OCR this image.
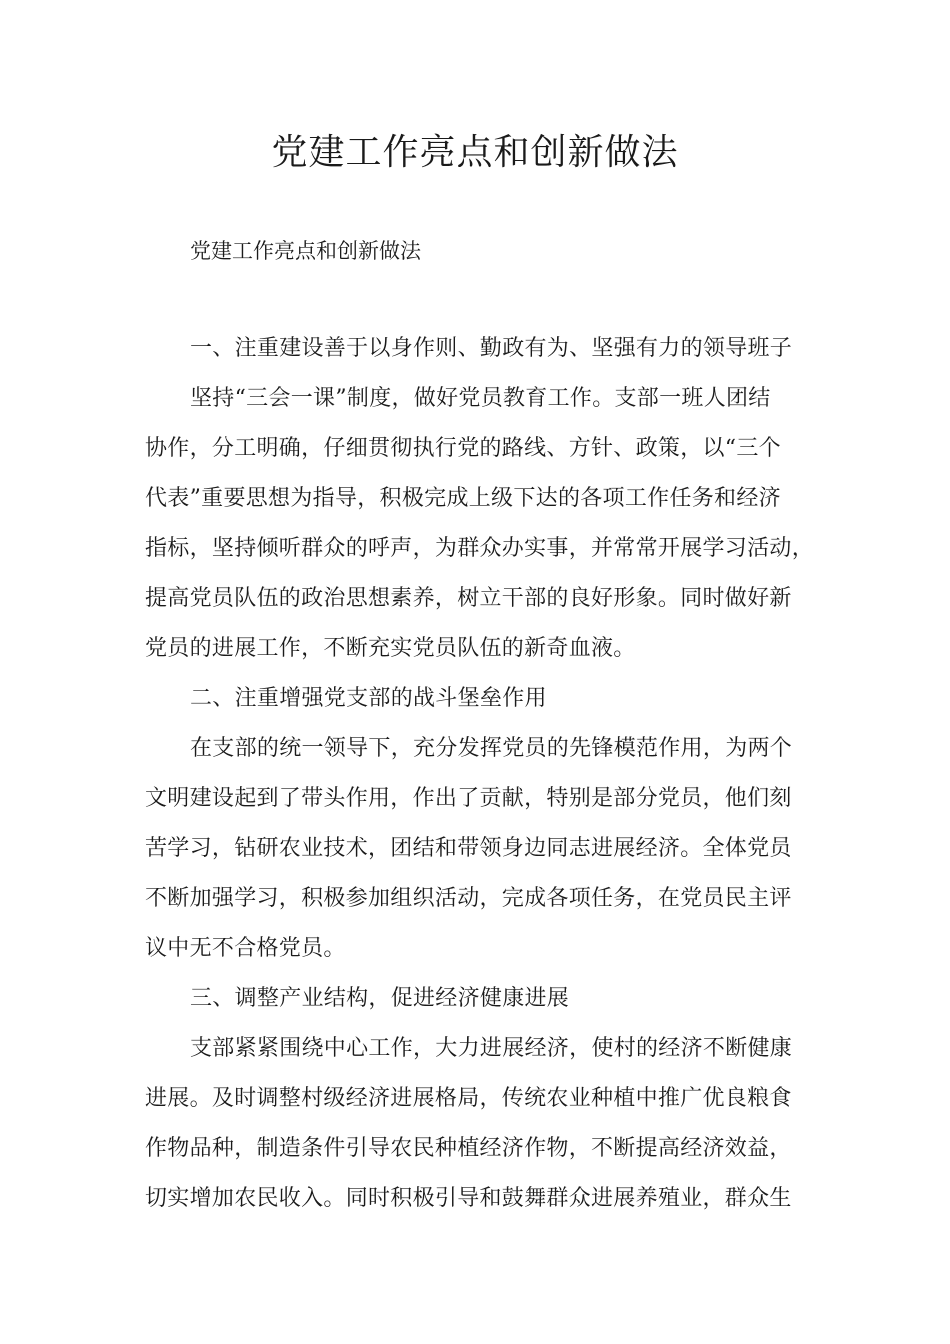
党建工作亮点和创新做法

党建工作亮点和创新做法

一、注重建设善于以身作则、勤政有为、坚强有力的领导班子
坚持“三会一课”制度，做好党员教育工作。支部一班人团结
协作，分工明确，仔细贯彻执行党的路线、方针、政策，以“三个
代表”重要思想为指导，积极完成上级下达的各项工作任务和经济
指标，坚持倾听群众的呼声，为群众办实事，并常常开展学习活动，
提高党员队伍的政治思想素养，树立干部的良好形象。同时做好新
党员的进展工作，不断充实党员队伍的新奇血液。
二、注重增强党支部的战斗堡垒作用
在支部的统一领导下，充分发挥党员的先锋模范作用，为两个
文明建设起到了带头作用，作出了贡献，特别是部分党员，他们刻
苦学习，钻研农业技术，团结和带领身边同志进展经济。全体党员
不断加强学习，积极参加组织活动，完成各项任务，在党员民主评
议中无不合格党员。
三、调整产业结构，促进经济健康进展
支部紧紧围绕中心工作，大力进展经济，使村的经济不断健康
进展。及时调整村级经济进展格局，传统农业种植中推广优良粮食
作物品种，制造条件引导农民种植经济作物，不断提高经济效益，
切实增加农民收入。同时积极引导和鼓舞群众进展养殖业，群众生
